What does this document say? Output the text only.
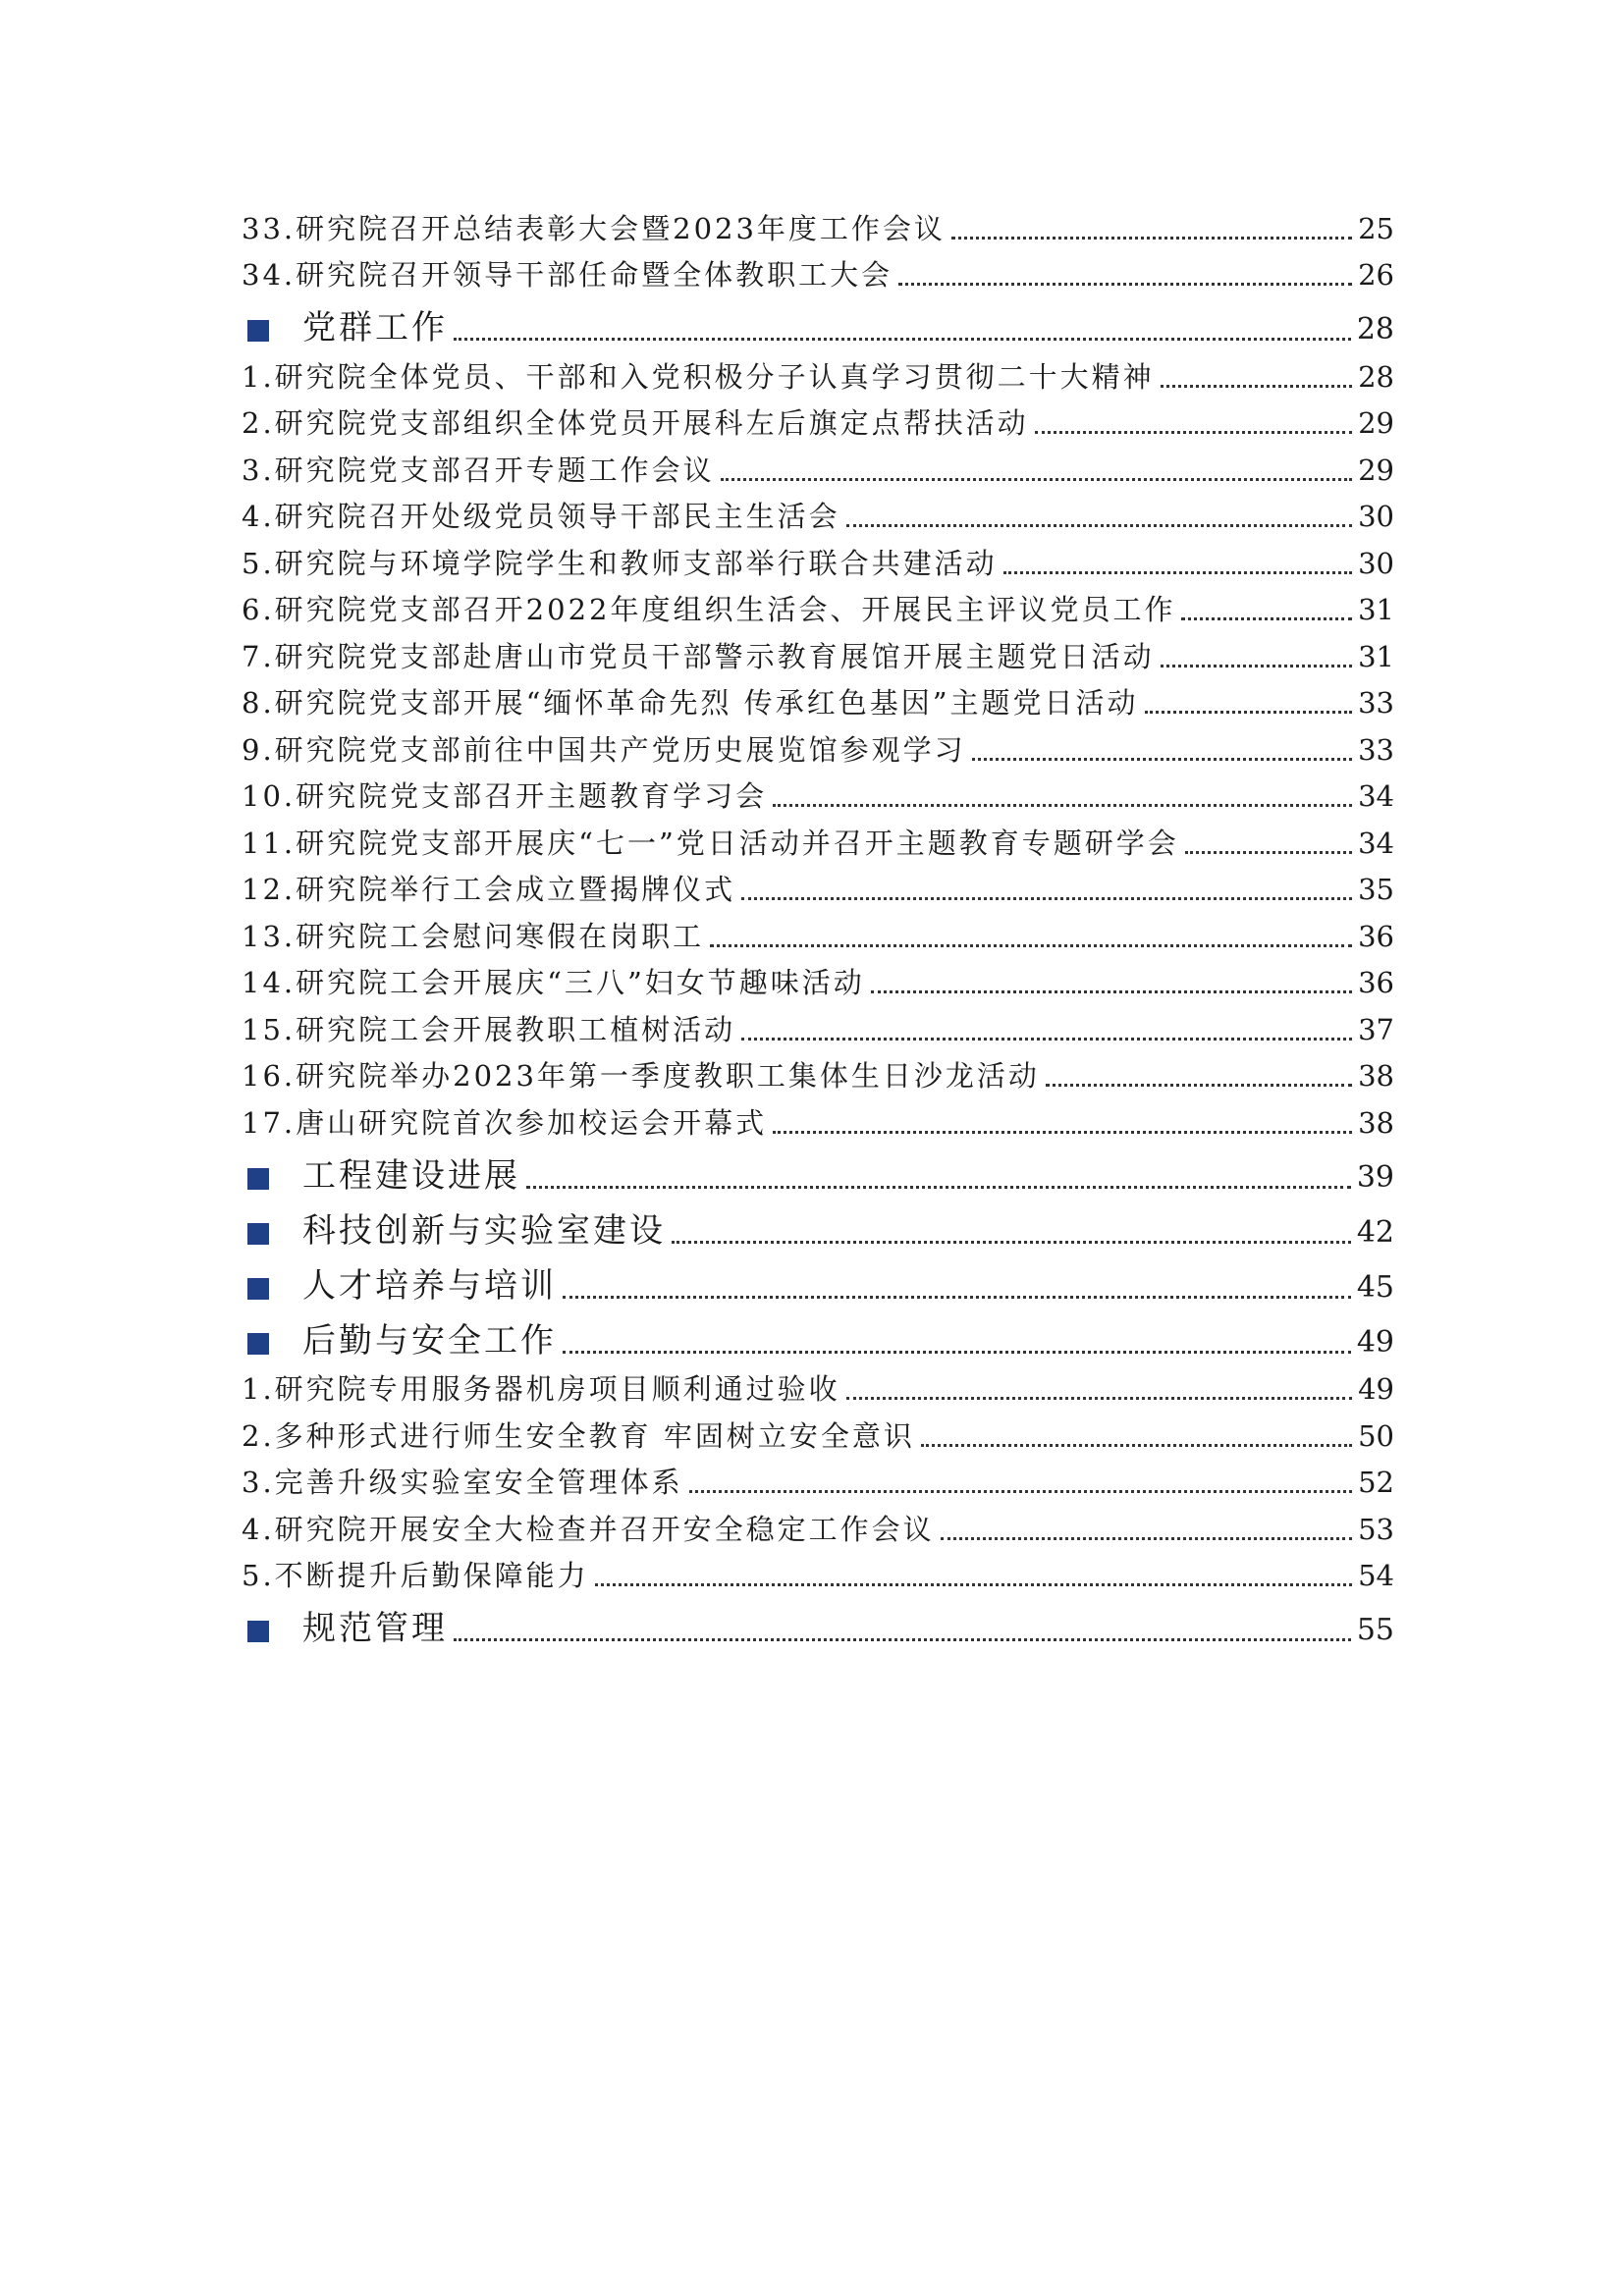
33.研究院召开总结表彰大会暨2023年度工作会议	25
34.研究院召开领导干部任命暨全体教职工大会	26
党群工作	28
1.研究院全体党员、干部和入党积极分子认真学习贯彻二十大精神	28
2.研究院党支部组织全体党员开展科左后旗定点帮扶活动	29
3.研究院党支部召开专题工作会议	29
4.研究院召开处级党员领导干部民主生活会	30
5.研究院与环境学院学生和教师支部举行联合共建活动	30
6.研究院党支部召开2022年度组织生活会、开展民主评议党员工作	31
7.研究院党支部赴唐山市党员干部警示教育展馆开展主题党日活动	31
8.研究院党支部开展“缅怀革命先烈 传承红色基因”主题党日活动	33
9.研究院党支部前往中国共产党历史展览馆参观学习	33
10.研究院党支部召开主题教育学习会	34
11.研究院党支部开展庆“七一”党日活动并召开主题教育专题研学会	34
12.研究院举行工会成立暨揭牌仪式	35
13.研究院工会慰问寒假在岗职工	36
14.研究院工会开展庆“三八”妇女节趣味活动	36
15.研究院工会开展教职工植树活动	37
16.研究院举办2023年第一季度教职工集体生日沙龙活动	38
17.唐山研究院首次参加校运会开幕式	38
工程建设进展	39
科技创新与实验室建设	42
人才培养与培训	45
后勤与安全工作	49
1.研究院专用服务器机房项目顺利通过验收	49
2.多种形式进行师生安全教育 牢固树立安全意识	50
3.完善升级实验室安全管理体系	52
4.研究院开展安全大检查并召开安全稳定工作会议	53
5.不断提升后勤保障能力	54
规范管理	55
